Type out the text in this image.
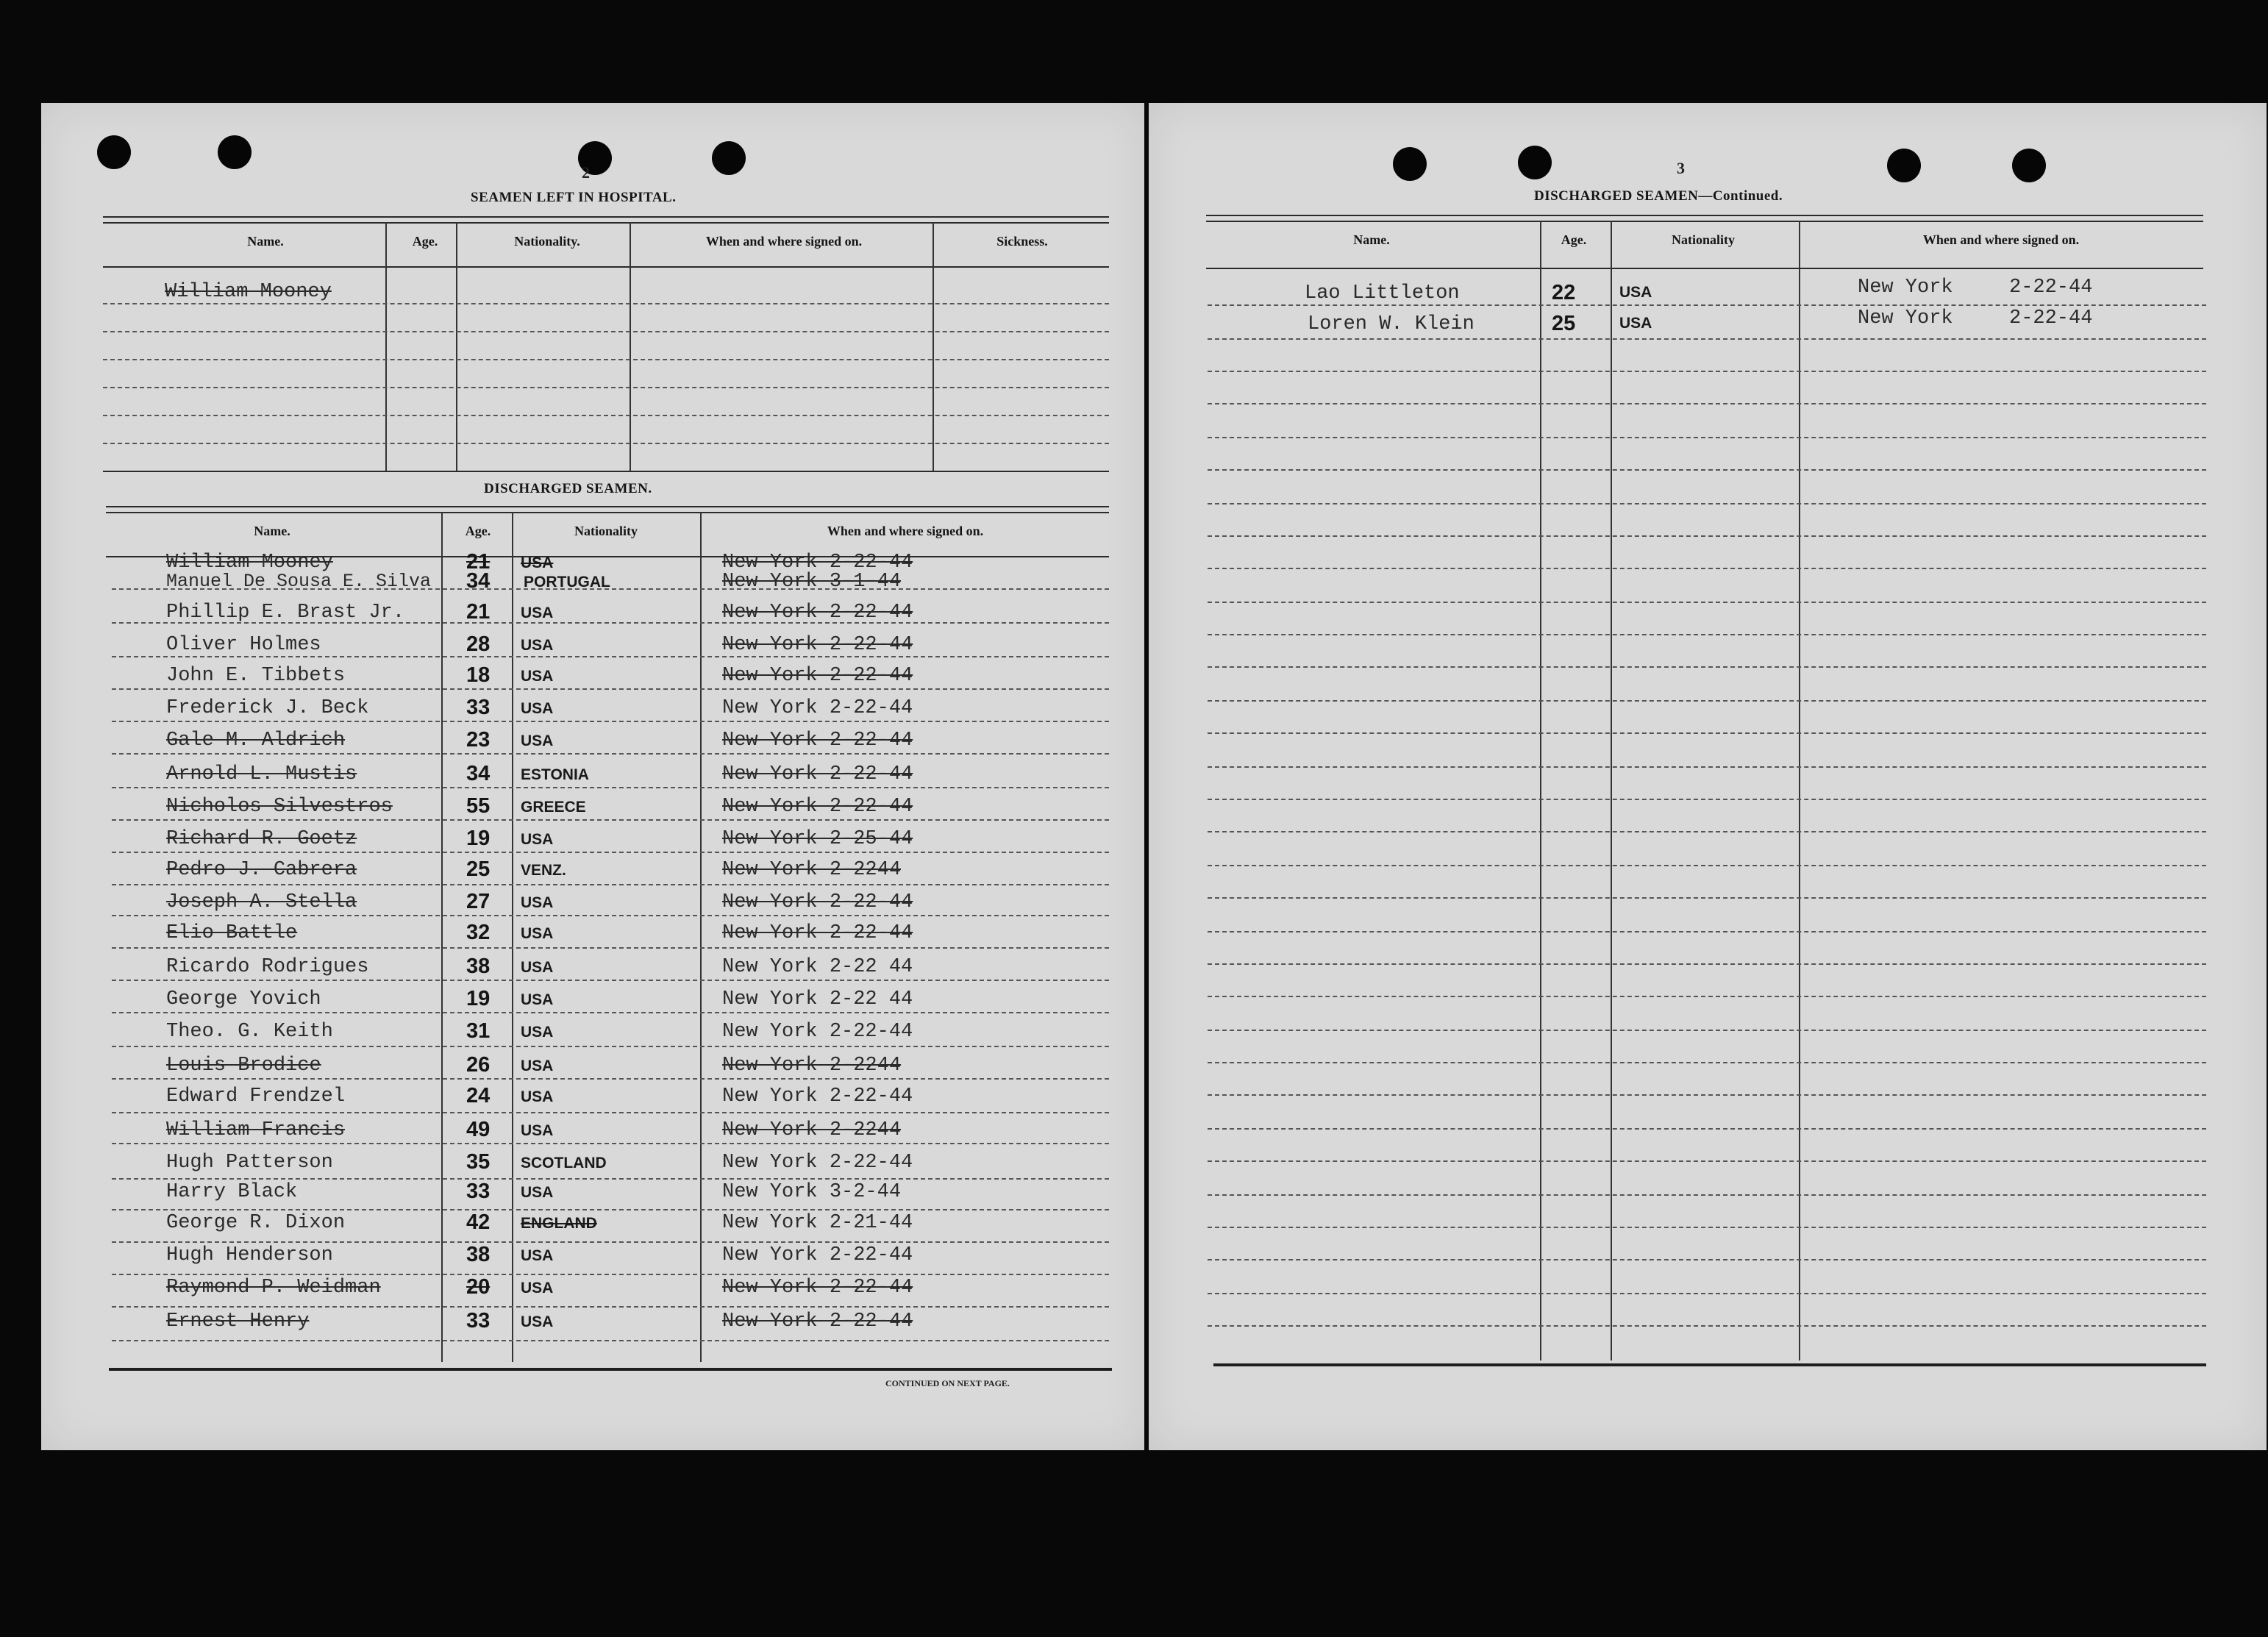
2
SEAMEN LEFT IN HOSPITAL.
Name.	Age.	Nationality.	When and where signed on.	Sickness.
William Mooney
DISCHARGED SEAMEN.
Name.	Age.	Nationality	When and where signed on.
William Mooney	21 USA	New York 2-22-44
Manuel De Sousa E. Silva 34 PORTUGAL	New York 3-1-44
Phillip E. Brast Jr.	21 USA	New York 2-22-44
Oliver Holmes	28 USA	New York 2-22-44
John E. Tibbets	18 USA	New York 2-22-44
Frederick J. Beck	33 USA	New York 2-22-44
Gale M. Aldrich	23 USA	New York 2-22-44
Arnold L. Mustis	34 ESTONIA	New York 2-22-44
Nicholos Silvestros	55 GREECE	New York 2-22-44
Richard R. Goetz	19 USA	New York 2-25-44
Pedro J. Cabrera	25 VENZ.	New York 2-2244
Joseph A. Stella	27 USA	New York 2-22-44
Elio Battle	32 USA	New York 2-22-44
Ricardo Rodrigues	38 USA	New York 2-22 44
George Yovich	19 USA	New York 2-22 44
Theo. G. Keith	31 USA	New York 2-22-44
Louis Brodice	26 USA	New York 2-2244
Edward Frendzel	24 USA	New York 2-22-44
William Francis	49 USA	New York 2-2244
Hugh Patterson	35 SCOTLAND	New York 2-22-44
Harry Black	33 USA	New York 3-2-44
George R. Dixon	42 ENGLAND	New York 2-21-44
Hugh Henderson	38 USA	New York 2-22-44
Raymond P. Weidman	20 USA	New York 2-22-44
Ernest Henry	33 USA	New York 2-22-44
CONTINUED ON NEXT PAGE.
3
DISCHARGED SEAMEN—Continued.
Name.	Age.	Nationality	When and where signed on.
Lao Littleton	22	USA	New York	2-22-44
Loren W. Klein	25	USA	New York	2-22-44
